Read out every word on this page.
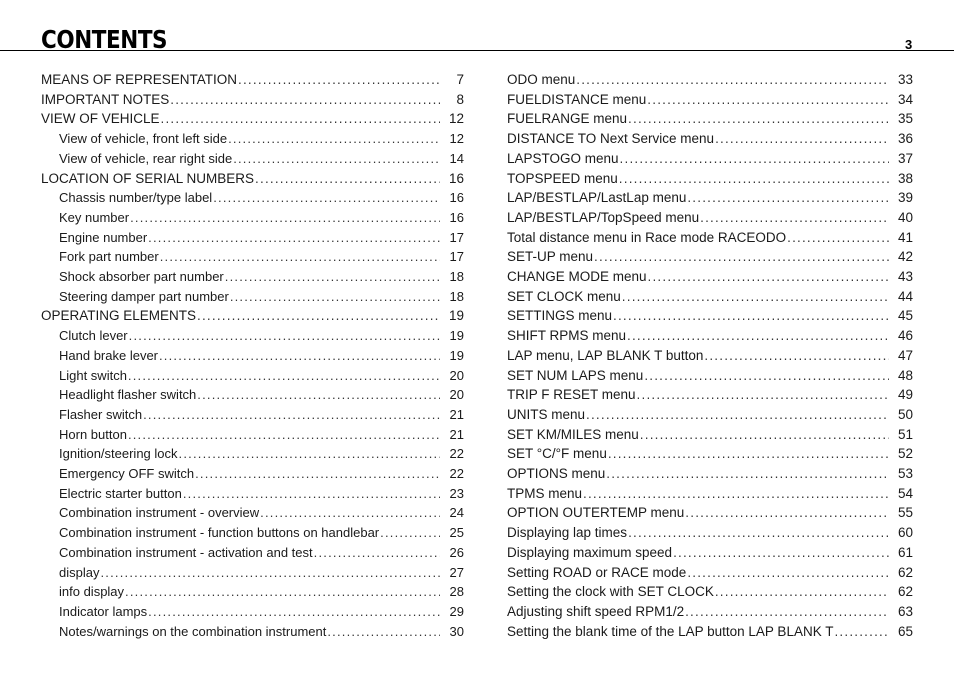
CONTENTS	3
MEANS OF REPRESENTATION .....	7
IMPORTANT NOTES .....	8
VIEW OF VEHICLE .....	12
View of vehicle, front left side .....	12
View of vehicle, rear right side .....	14
LOCATION OF SERIAL NUMBERS .....	16
Chassis number/type label .....	16
Key number .....	16
Engine number .....	17
Fork part number .....	17
Shock absorber part number .....	18
Steering damper part number .....	18
OPERATING ELEMENTS .....	19
Clutch lever .....	19
Hand brake lever .....	19
Light switch .....	20
Headlight flasher switch .....	20
Flasher switch .....	21
Horn button .....	21
Ignition/steering lock .....	22
Emergency OFF switch .....	22
Electric starter button .....	23
Combination instrument - overview .....	24
Combination instrument - function buttons on handlebar .....	25
Combination instrument - activation and test .....	26
display .....	27
info display .....	28
Indicator lamps .....	29
Notes/warnings on the combination instrument .....	30
ODO menu .....	33
FUELDISTANCE menu .....	34
FUELRANGE menu .....	35
DISTANCE TO Next Service menu .....	36
LAPSTOGO menu .....	37
TOPSPEED menu .....	38
LAP/BESTLAP/LastLap menu .....	39
LAP/BESTLAP/TopSpeed menu .....	40
Total distance menu in Race mode RACEODO .....	41
SET-UP menu .....	42
CHANGE MODE menu .....	43
SET CLOCK menu .....	44
SETTINGS menu .....	45
SHIFT RPMS menu .....	46
LAP menu, LAP BLANK T button .....	47
SET NUM LAPS menu .....	48
TRIP F RESET menu .....	49
UNITS menu .....	50
SET KM/MILES menu .....	51
SET °C/°F menu .....	52
OPTIONS menu .....	53
TPMS menu .....	54
OPTION OUTERTEMP menu .....	55
Displaying lap times .....	60
Displaying maximum speed .....	61
Setting ROAD or RACE mode .....	62
Setting the clock with SET CLOCK .....	62
Adjusting shift speed RPM1/2 .....	63
Setting the blank time of the LAP button LAP BLANK T .....	65
